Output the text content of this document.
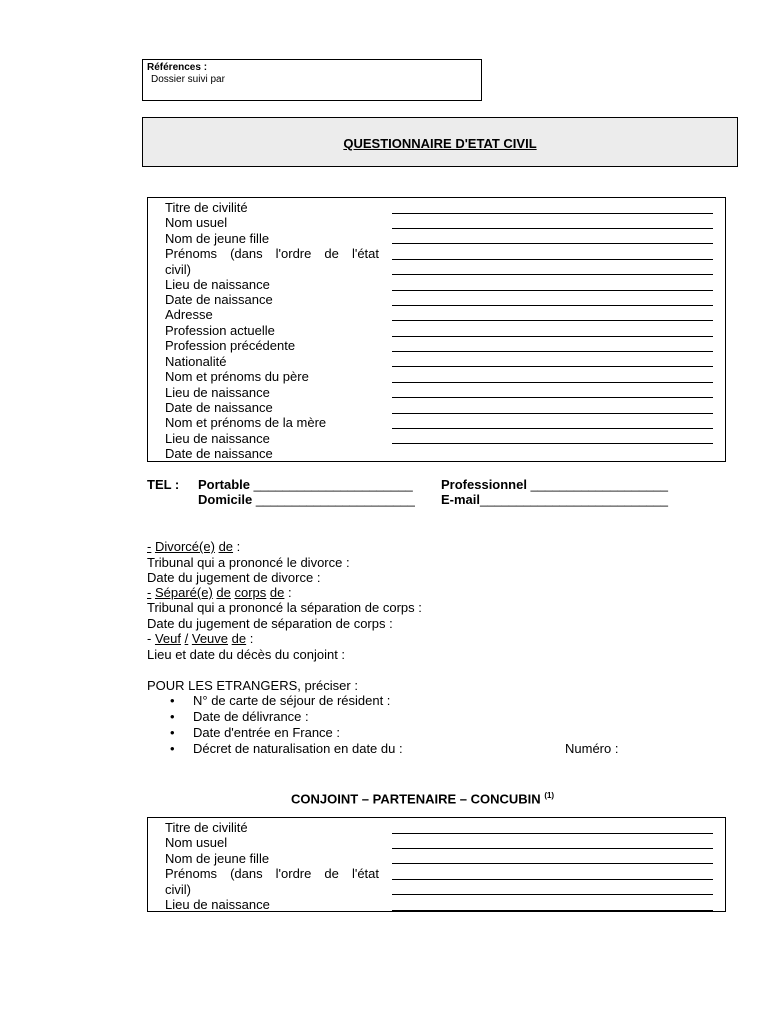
Références :
Dossier suivi par
QUESTIONNAIRE D'ETAT CIVIL
Titre de civilité
Nom usuel
Nom de jeune fille
Prénoms (dans l'ordre de l'état
civil)
Lieu de naissance
Date de naissance
Adresse
Profession actuelle
Profession précédente
Nationalité
Nom et prénoms du père
Lieu de naissance
Date de naissance
Nom et prénoms de la mère
Lieu de naissance
Date de naissance
TEL : Portable ______________________ Professionnel ___________________
Domicile ______________________ E-mail__________________________
- Divorcé(e) de :
Tribunal qui a prononcé le divorce :
Date du jugement de divorce :
- Séparé(e) de corps de :
Tribunal qui a prononcé la séparation de corps :
Date du jugement de séparation de corps :
- Veuf / Veuve de :
Lieu et date du décès du conjoint :
POUR LES ETRANGERS, préciser :
• N° de carte de séjour de résident :
• Date de délivrance :
• Date d'entrée en France :
• Décret de naturalisation en date du :	Numéro :
CONJOINT – PARTENAIRE – CONCUBIN $^{(1)}$
Titre de civilité
Nom usuel
Nom de jeune fille
Prénoms (dans l'ordre de l'état
civil)
Lieu de naissance
